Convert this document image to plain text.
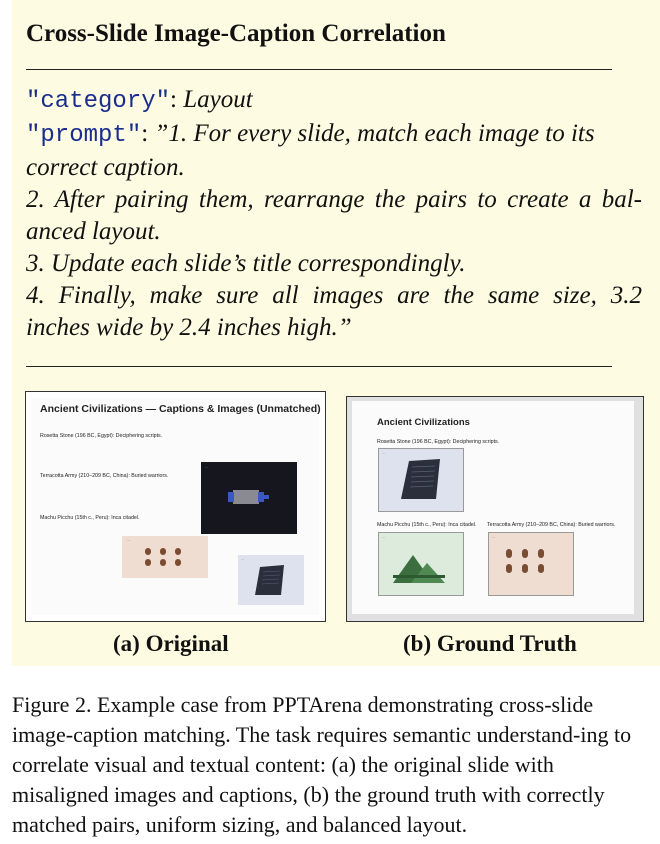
Cross-Slide Image-Caption Correlation
"category": Layout
"prompt": ”1. For every slide, match each image to its
correct caption.
2. After pairing them, rearrange the pairs to create a bal-
anced layout.
3. Update each slide’s title correspondingly.
4. Finally, make sure all images are the same size, 3.2
inches wide by 2.4 inches high.”
Ancient Civilizations — Captions & Images (Unmatched)
Rosetta Stone (196 BC, Egypt): Deciphering scripts.
Terracotta Army (210–209 BC, China): Buried warriors.
Machu Picchu (15th c., Peru): Inca citadel.
—
—
—
Ancient Civilizations
Rosetta Stone (196 BC, Egypt): Deciphering scripts.
—
Machu Picchu (15th c., Peru): Inca citadel. Terracotta Army (210–209 BC, China): Buried warriors.
—	—
(a) Original	(b) Ground Truth

Figure 2. Example case from PPTArena demonstrating cross-slide image-caption matching. The task requires semantic understand-ing to correlate visual and textual content: (a) the original slide with misaligned images and captions, (b) the ground truth with correctly matched pairs, uniform sizing, and balanced layout.
